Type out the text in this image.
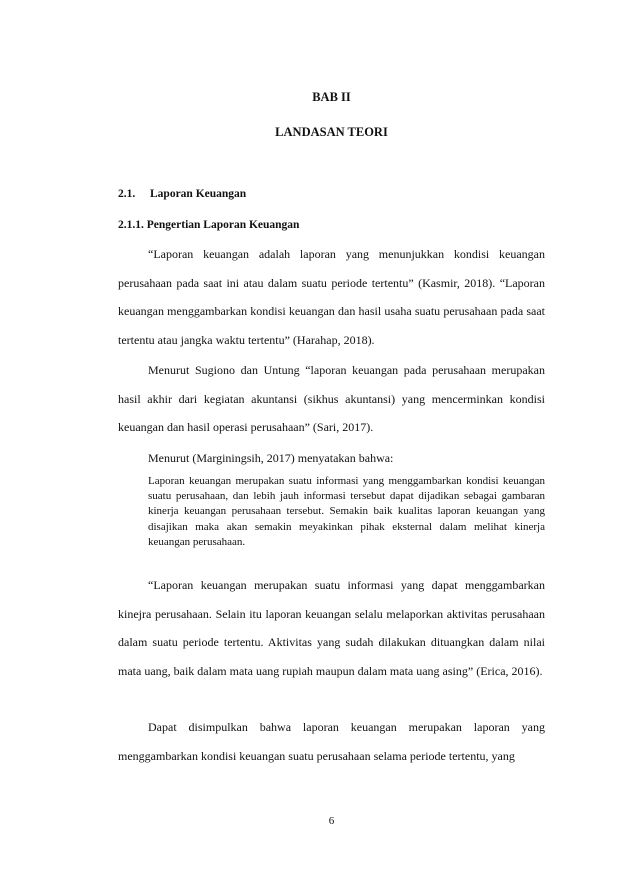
BAB II
LANDASAN TEORI
2.1. Laporan Keuangan
2.1.1. Pengertian Laporan Keuangan

“Laporan keuangan adalah laporan yang menunjukkan kondisi keuangan perusahaan pada saat ini atau dalam suatu periode tertentu” (Kasmir, 2018). “Laporan keuangan menggambarkan kondisi keuangan dan hasil usaha suatu perusahaan pada saat tertentu atau jangka waktu tertentu” (Harahap, 2018).

Menurut Sugiono dan Untung “laporan keuangan pada perusahaan merupakan hasil akhir dari kegiatan akuntansi (sikhus akuntansi) yang mencerminkan kondisi keuangan dan hasil operasi perusahaan” (Sari, 2017).

Menurut (Marginingsih, 2017) menyatakan bahwa:

Laporan keuangan merupakan suatu informasi yang menggambarkan kondisi keuangan suatu perusahaan, dan lebih jauh informasi tersebut dapat dijadikan sebagai gambaran kinerja keuangan perusahaan tersebut. Semakin baik kualitas laporan keuangan yang disajikan maka akan semakin meyakinkan pihak eksternal dalam melihat kinerja keuangan perusahaan.

“Laporan keuangan merupakan suatu informasi yang dapat menggambarkan kinejra perusahaan. Selain itu laporan keuangan selalu melaporkan aktivitas perusahaan dalam suatu periode tertentu. Aktivitas yang sudah dilakukan dituangkan dalam nilai mata uang, baik dalam mata uang rupiah maupun dalam mata uang asing” (Erica, 2016).

Dapat disimpulkan bahwa laporan keuangan merupakan laporan yang menggambarkan kondisi keuangan suatu perusahaan selama periode tertentu, yang

6
